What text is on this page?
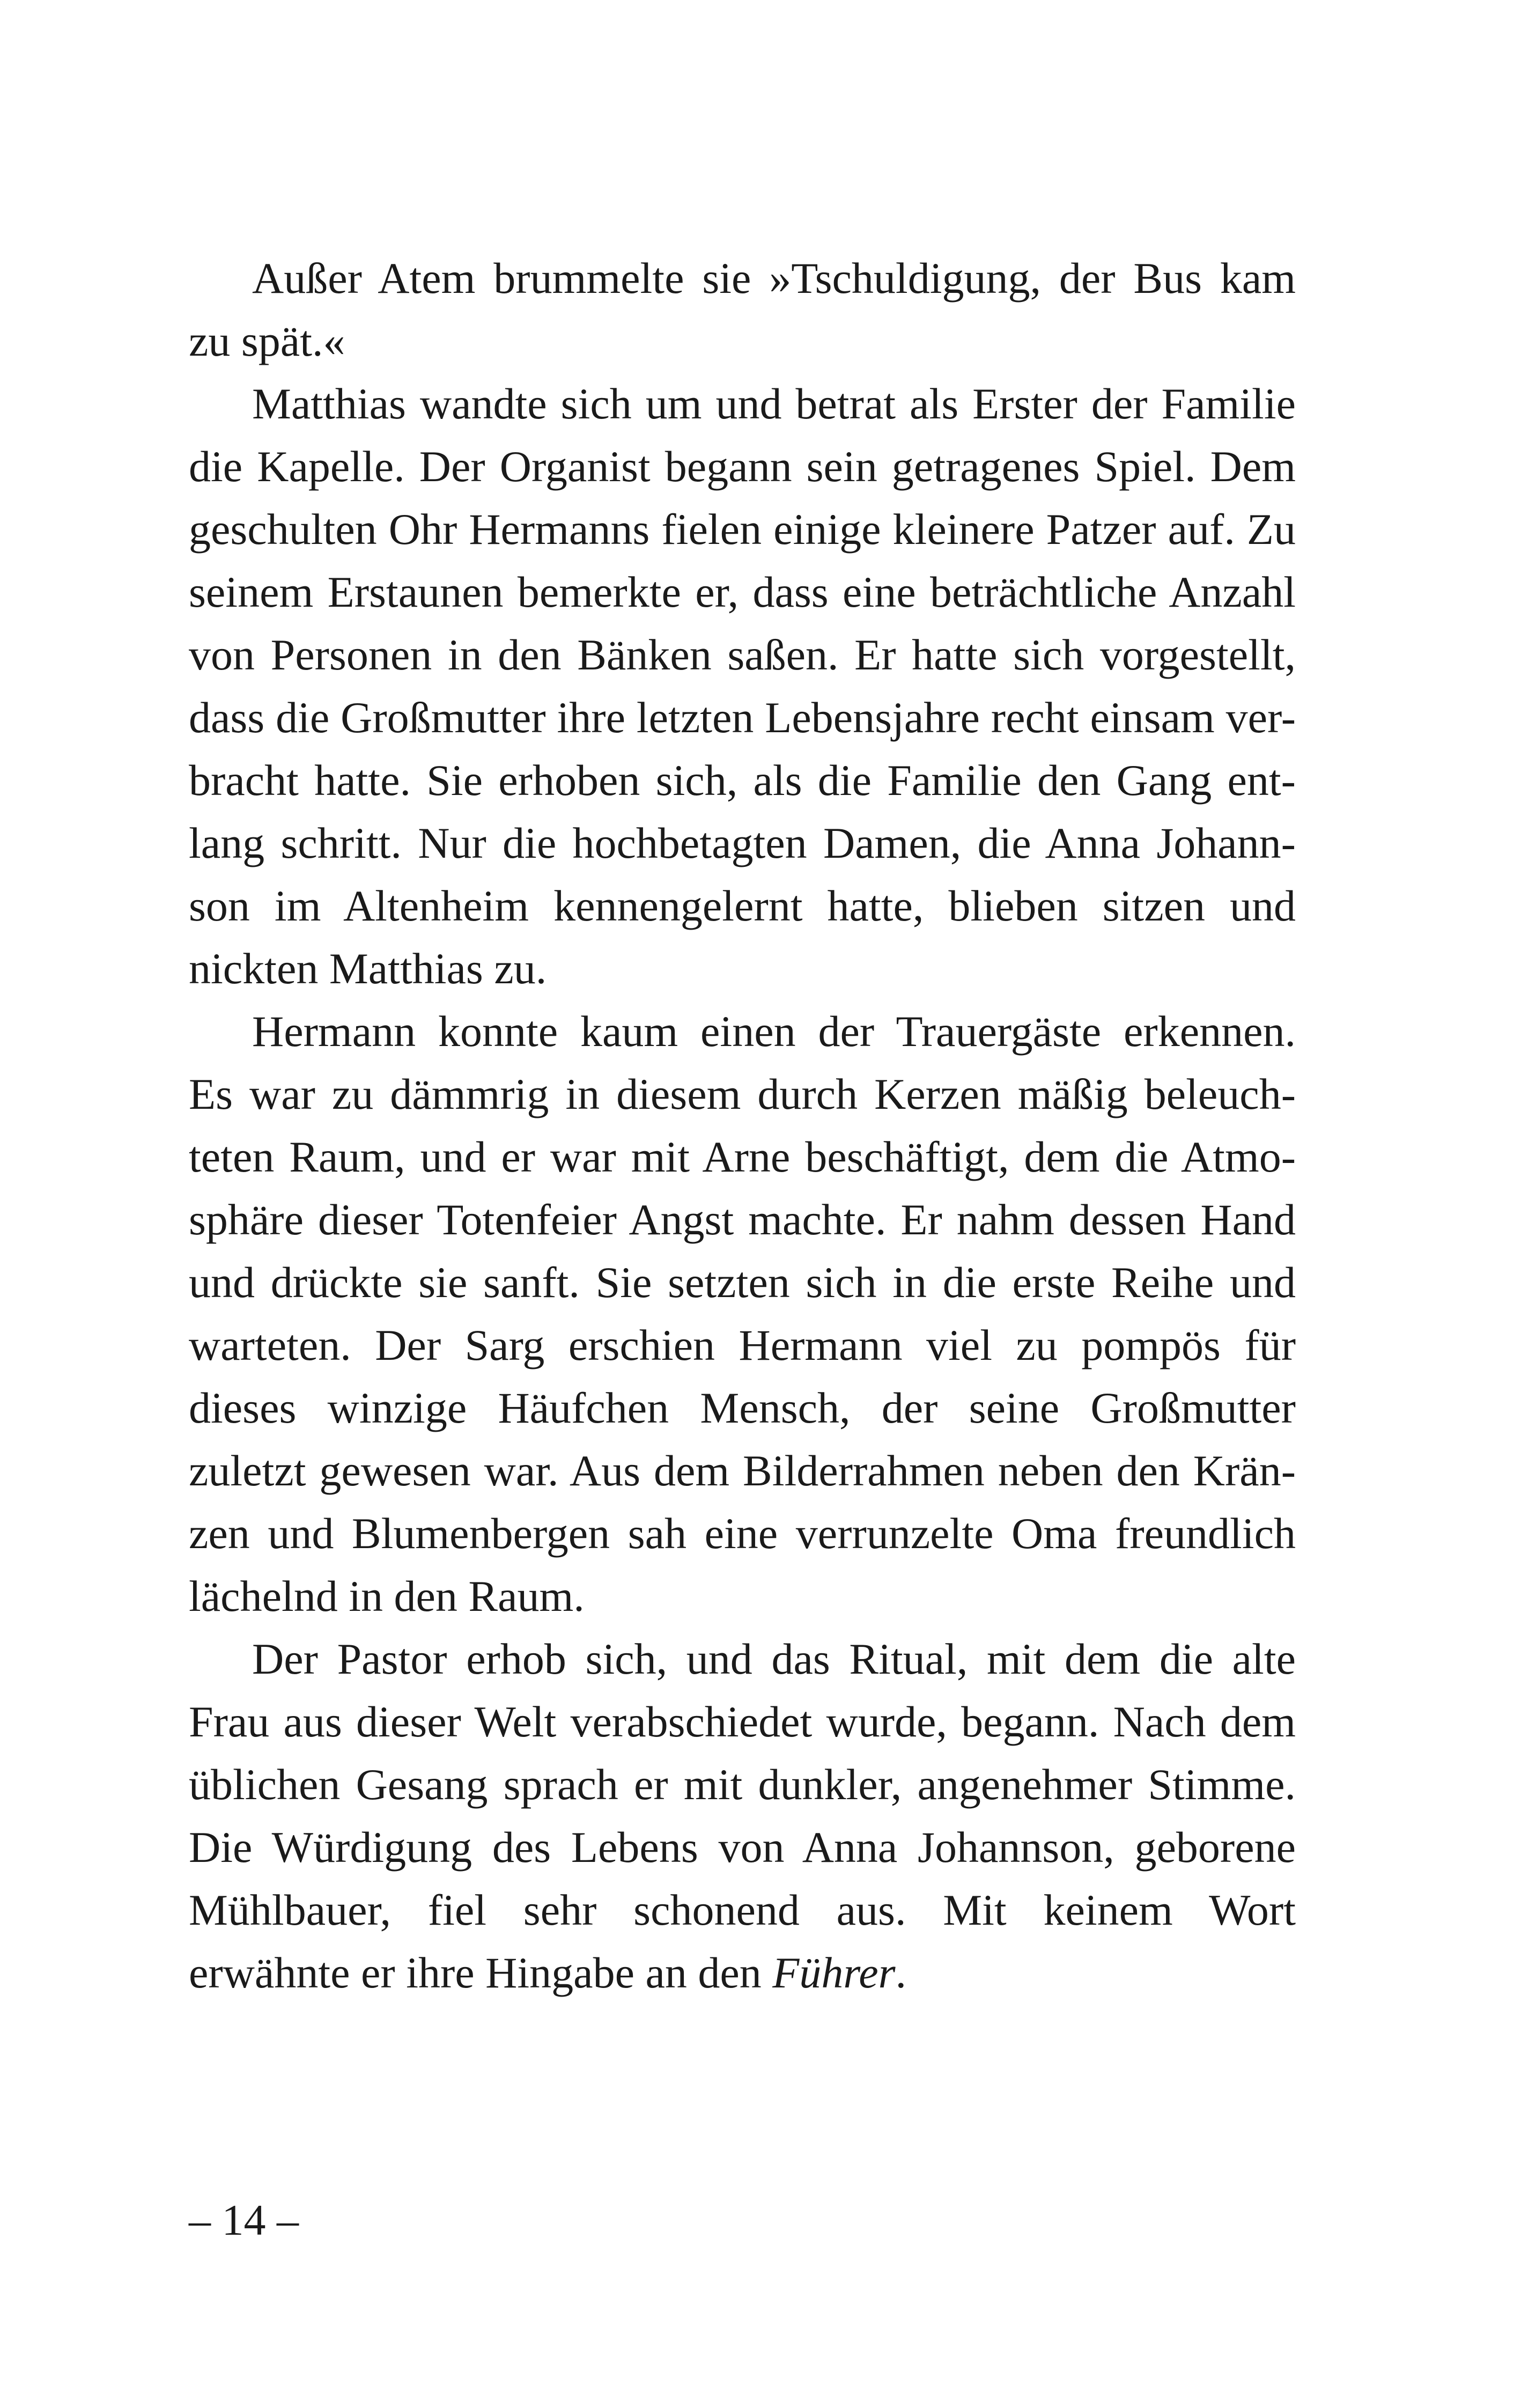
Außer Atem brummelte sie »Tschuldigung, der Bus kam
zu spät.«
Matthias wandte sich um und betrat als Erster der Familie
die Kapelle. Der Organist begann sein getragenes Spiel. Dem
geschulten Ohr Hermanns fielen einige kleinere Patzer auf. Zu
seinem Erstaunen bemerkte er, dass eine beträchtliche Anzahl
von Personen in den Bänken saßen. Er hatte sich vorgestellt,
dass die Großmutter ihre letzten Lebensjahre recht einsam ver-
bracht hatte. Sie erhoben sich, als die Familie den Gang ent-
lang schritt. Nur die hochbetagten Damen, die Anna Johann-
son im Altenheim kennengelernt hatte, blieben sitzen und
nickten Matthias zu.
Hermann konnte kaum einen der Trauergäste erkennen.
Es war zu dämmrig in diesem durch Kerzen mäßig beleuch-
teten Raum, und er war mit Arne beschäftigt, dem die Atmo-
sphäre dieser Totenfeier Angst machte. Er nahm dessen Hand
und drückte sie sanft. Sie setzten sich in die erste Reihe und
warteten. Der Sarg erschien Hermann viel zu pompös für
dieses winzige Häufchen Mensch, der seine Großmutter
zuletzt gewesen war. Aus dem Bilderrahmen neben den Krän-
zen und Blumenbergen sah eine verrunzelte Oma freundlich
lächelnd in den Raum.
Der Pastor erhob sich, und das Ritual, mit dem die alte
Frau aus dieser Welt verabschiedet wurde, begann. Nach dem
üblichen Gesang sprach er mit dunkler, angenehmer Stimme.
Die Würdigung des Lebens von Anna Johannson, geborene
Mühlbauer, fiel sehr schonend aus. Mit keinem Wort
erwähnte er ihre Hingabe an den Führer.
– 14 –
